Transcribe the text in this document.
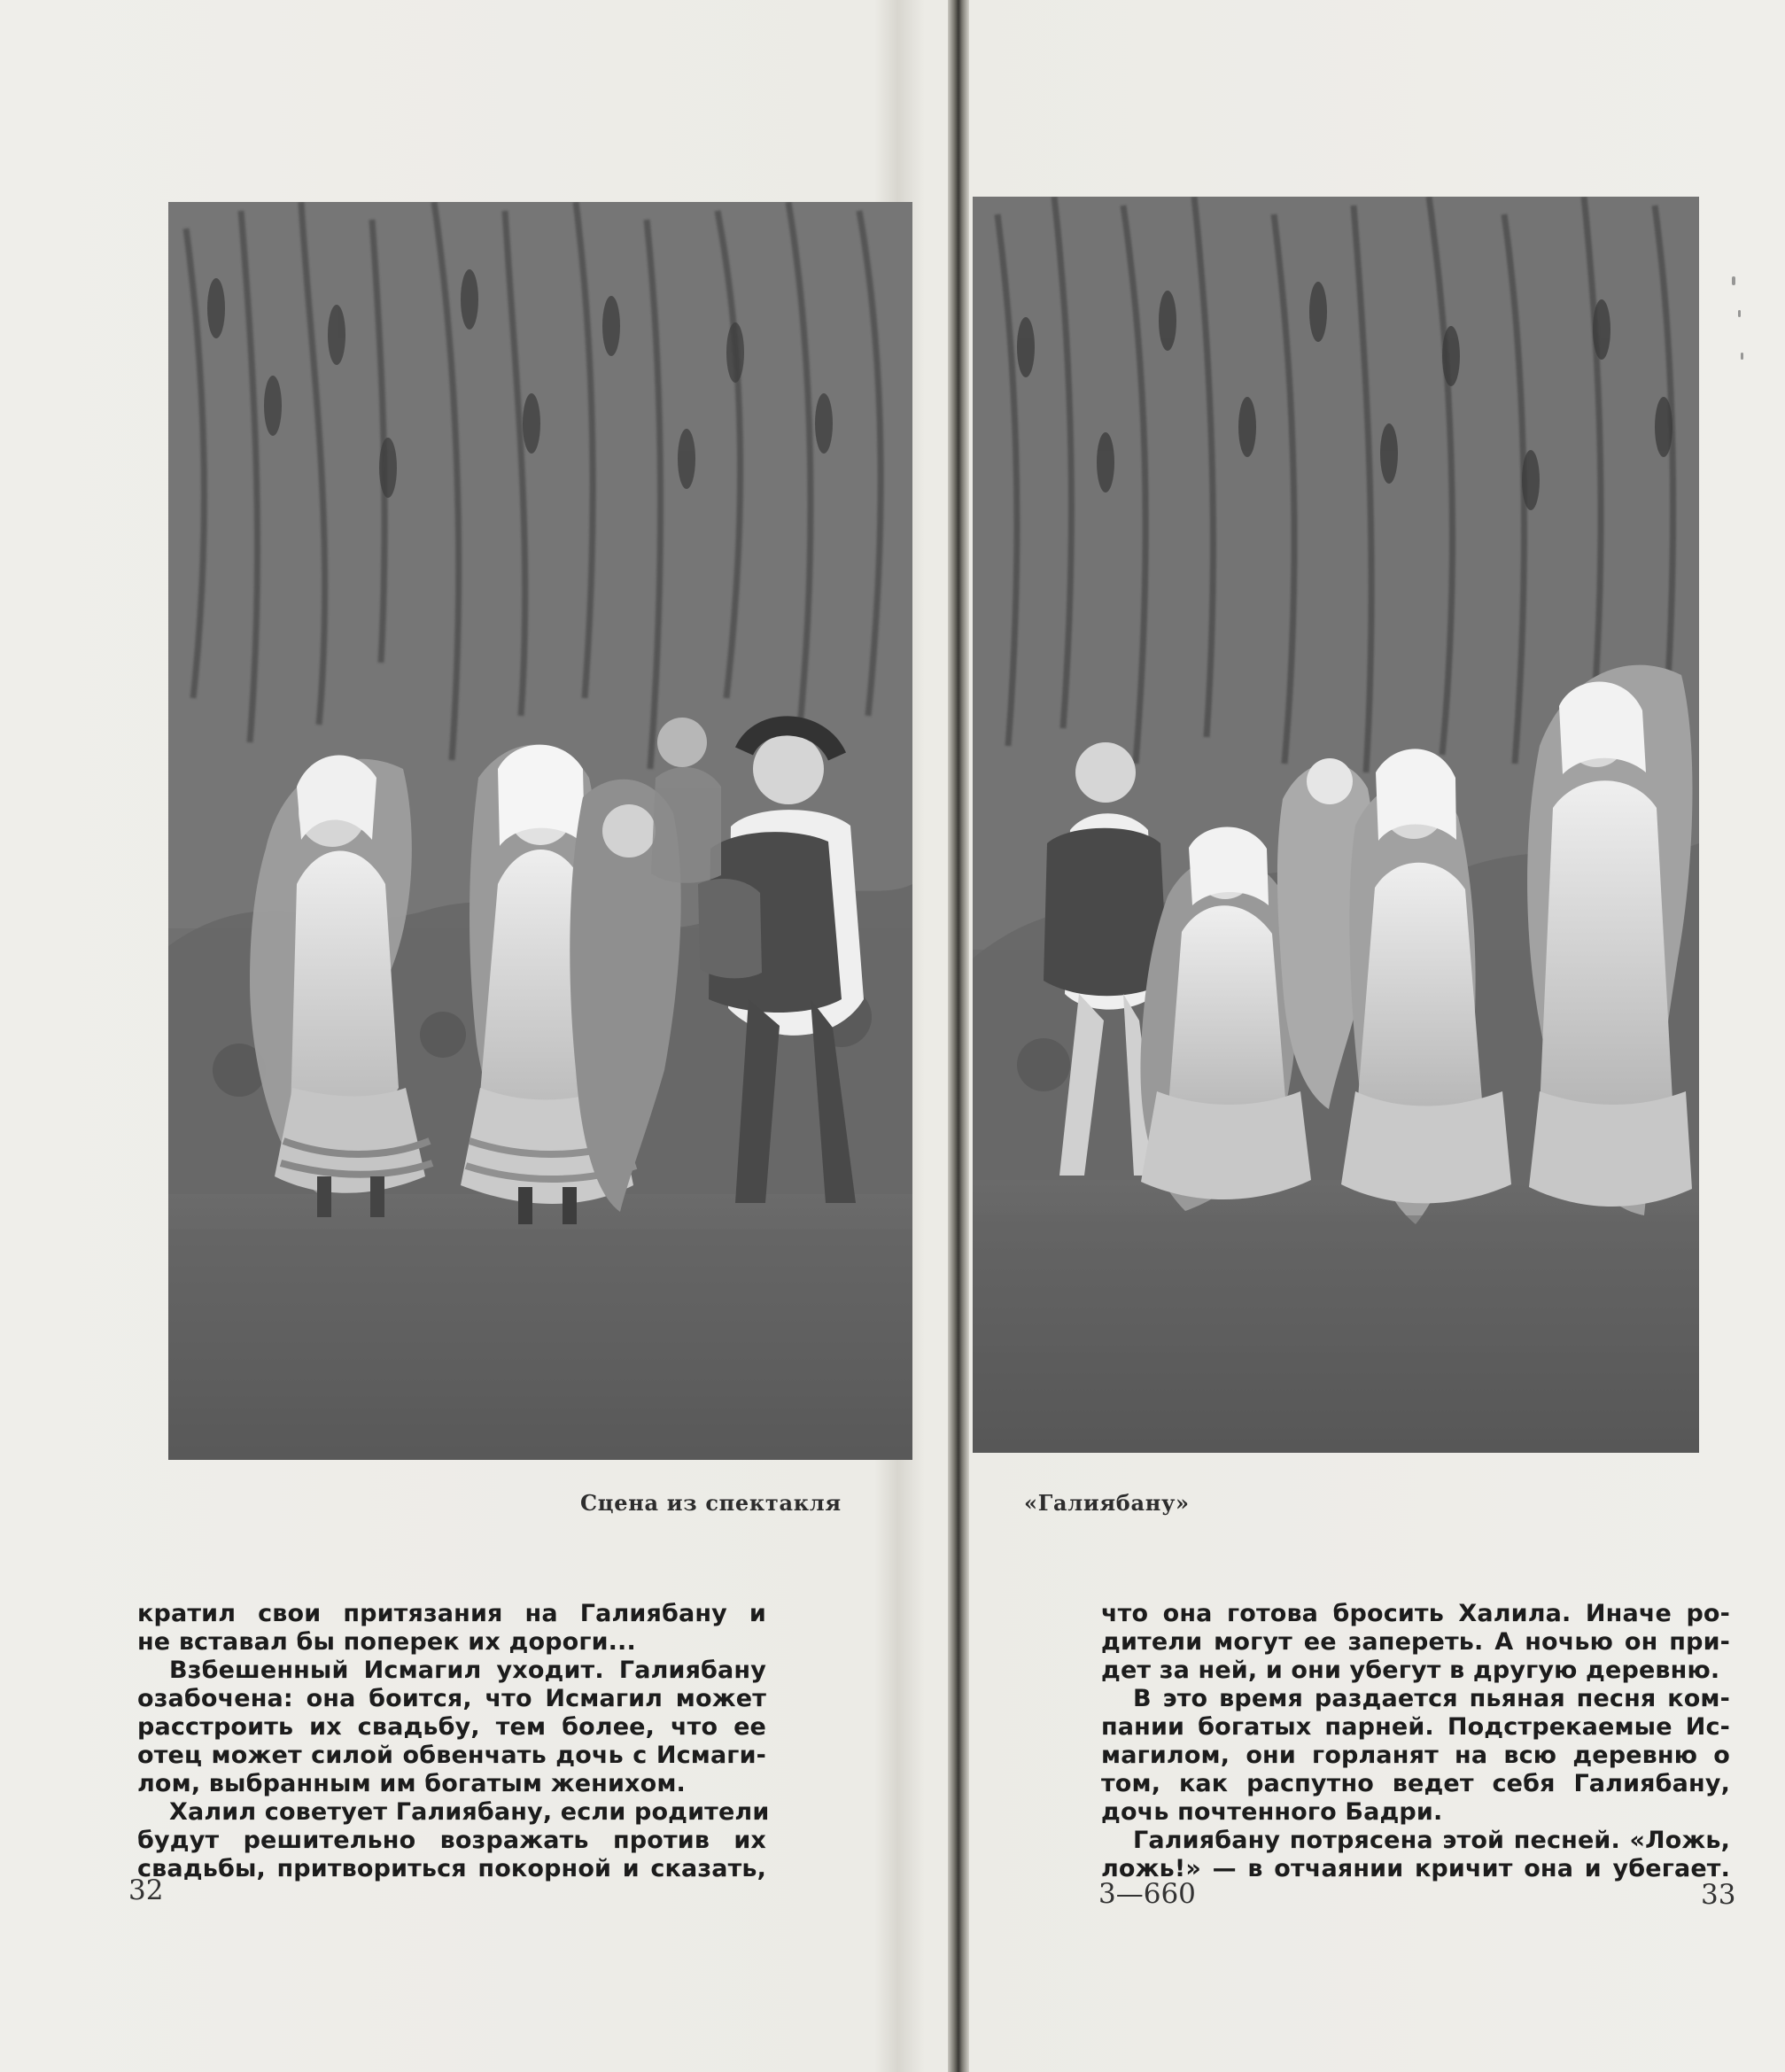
Сцена из спектакля	«Галиябану»
кратил свои притязания на Галиябану и
не вставал бы поперек их дороги...
Взбешенный Исмагил уходит. Галиябану
озабочена: она боится, что Исмагил может
расстроить их свадьбу, тем более, что ее
отец может силой обвенчать дочь с Исмаги-
лом, выбранным им богатым женихом.
Халил советует Галиябану, если родители
будут решительно возражать против их
свадьбы, притвориться покорной и сказать,
что она готова бросить Халила. Иначе ро-
дители могут ее запереть. А ночью он при-
дет за ней, и они убегут в другую деревню.
В это время раздается пьяная песня ком-
пании богатых парней. Подстрекаемые Ис-
магилом, они горланят на всю деревню о
том, как распутно ведет себя Галиябану,
дочь почтенного Бадри.
Галиябану потрясена этой песней. «Ложь,
ложь!» — в отчаянии кричит она и убегает.
32	3—660	33
